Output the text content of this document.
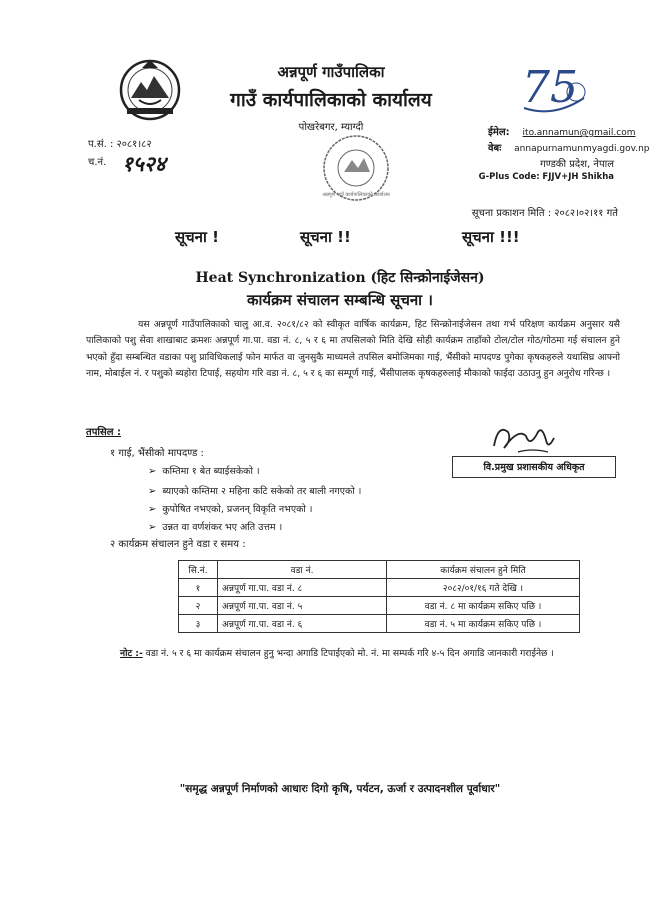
अन्नपूर्ण गाउँपालिका
गाउँ कार्यपालिकाको कार्यालय
पोखरेबगर, म्याग्दी
75
प.सं. : २०८१।८२
च.नं. १५२४
ईमेल: ito.annamun@gmail.com
वेबः annapurnamunmyagdi.gov.np
गण्डकी प्रदेश, नेपाल
G-Plus Code: FJJV+JH Shikha
अन्नपूर्ण गाउँ कार्यपालिकाको कार्यालय
सूचना प्रकाशन मिति : २०८२।०२।११ गते
सूचना !	सूचना !!	सूचना !!!
Heat Synchronization (हिट सिन्क्रोनाईजेसन)
कार्यक्रम संचालन सम्बन्धि सूचना ।

यस अन्नपूर्ण गाउँपालिकाको चालु आ.व. २०८१/८२ को स्वीकृत वार्षिक कार्यक्रम, हिट सिन्क्रोनाईजेसन तथा गर्भ परिक्षण कार्यक्रम अनुसार यसै पालिकाको पशु सेवा शाखाबाट क्रमशः अन्नपूर्ण गा.पा. वडा नं. ८, ५ र ६ मा तपसिलको मिति देखि सोही कार्यक्रम ताहाँको टोल/टोल गोठ/गोठमा गई संचालन हुने भएको हुँदा सम्बन्धित वडाका पशु प्राविधिकलाई फोन मार्फत वा जुनसुकै माध्यमले तपसिल बमोजिमका गाई, भैंसीको मापदण्ड पुगेका कृषकहरुले यथासिघ्र आफ्नो नाम, मोबाईल नं. र पशुको ब्यहोरा टिपाई, सहयोग गरि वडा नं. ८, ५ र ६ का सम्पूर्ण गाई, भैंसीपालक कृषकहरुलाई मौकाको फाईदा उठाउनु हुन अनुरोध गरिन्छ ।

तपसिल :
१ गाई, भैंसीको मापदण्ड :
➢ कम्तिमा १ बेत ब्याईसकेको ।
➢ ब्याएको कम्तिमा २ महिना कटि सकेको तर बाली नगएको ।
➢ कुपोषित नभएको, प्रजनन् विकृति नभएको ।
➢ उन्नत वा वर्णशंकर भए अति उत्तम ।
२ कार्यक्रम संचालन हुने वडा र समय :
वि.प्रमुख प्रशासकीय अधिकृत
सि.नं.	वडा नं.	कार्यक्रम संचालन हुने मिति
१	अन्नपूर्ण गा.पा. वडा नं. ८	२०८२/०१/१६ गते देखि ।
२	अन्नपूर्ण गा.पा. वडा नं. ५	वडा नं. ८ मा कार्यक्रम सकिए पछि ।
३	अन्नपूर्ण गा.पा. वडा नं. ६	वडा नं. ५ मा कार्यक्रम सकिए पछि ।
नोट :- वडा नं. ५ र ६ मा कार्यक्रम संचालन हुनु भन्दा अगाडि टिपाईएको मो. नं. मा सम्पर्क गरि ४-५ दिन अगाडि जानकारी गराईनेछ ।
"समृद्ध अन्नपूर्ण निर्माणको आधारः दिगो कृषि, पर्यटन, ऊर्जा र उत्पादनशील पूर्वाधार"
